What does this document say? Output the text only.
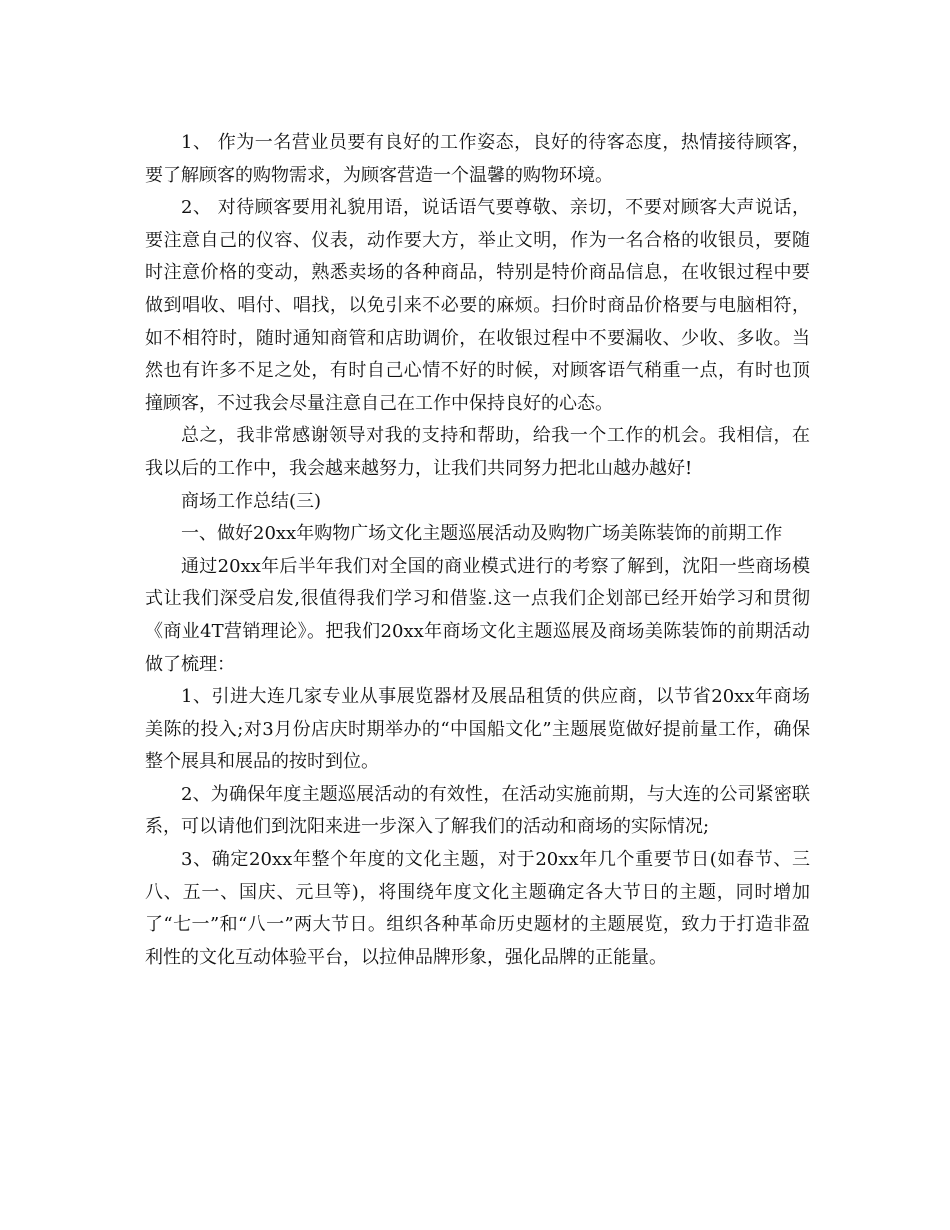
1、 作为一名营业员要有良好的工作姿态，良好的待客态度，热情接待顾客，要了解顾客的购物需求，为顾客营造一个温馨的购物环境。

2、 对待顾客要用礼貌用语，说话语气要尊敬、亲切，不要对顾客大声说话，要注意自己的仪容、仪表，动作要大方，举止文明，作为一名合格的收银员，要随时注意价格的变动，熟悉卖场的各种商品，特别是特价商品信息，在收银过程中要做到唱收、唱付、唱找，以免引来不必要的麻烦。扫价时商品价格要与电脑相符，如不相符时，随时通知商管和店助调价，在收银过程中不要漏收、少收、多收。当然也有许多不足之处，有时自己心情不好的时候，对顾客语气稍重一点，有时也顶撞顾客，不过我会尽量注意自己在工作中保持良好的心态。

总之，我非常感谢领导对我的支持和帮助，给我一个工作的机会。我相信，在我以后的工作中，我会越来越努力，让我们共同努力把北山越办越好!

商场工作总结(三)

一、做好20xx年购物广场文化主题巡展活动及购物广场美陈装饰的前期工作

通过20xx年后半年我们对全国的商业模式进行的考察了解到，沈阳一些商场模式让我们深受启发,很值得我们学习和借鉴.这一点我们企划部已经开始学习和贯彻《商业4T营销理论》。把我们20xx年商场文化主题巡展及商场美陈装饰的前期活动做了梳理：

1、引进大连几家专业从事展览器材及展品租赁的供应商，以节省20xx年商场美陈的投入;对3月份店庆时期举办的“中国船文化”主题展览做好提前量工作，确保整个展具和展品的按时到位。

2、为确保年度主题巡展活动的有效性，在活动实施前期，与大连的公司紧密联系，可以请他们到沈阳来进一步深入了解我们的活动和商场的实际情况;

3、确定20xx年整个年度的文化主题，对于20xx年几个重要节日(如春节、三八、五一、国庆、元旦等)，将围绕年度文化主题确定各大节日的主题，同时增加了“七一”和“八一”两大节日。组织各种革命历史题材的主题展览，致力于打造非盈利性的文化互动体验平台，以拉伸品牌形象，强化品牌的正能量。
